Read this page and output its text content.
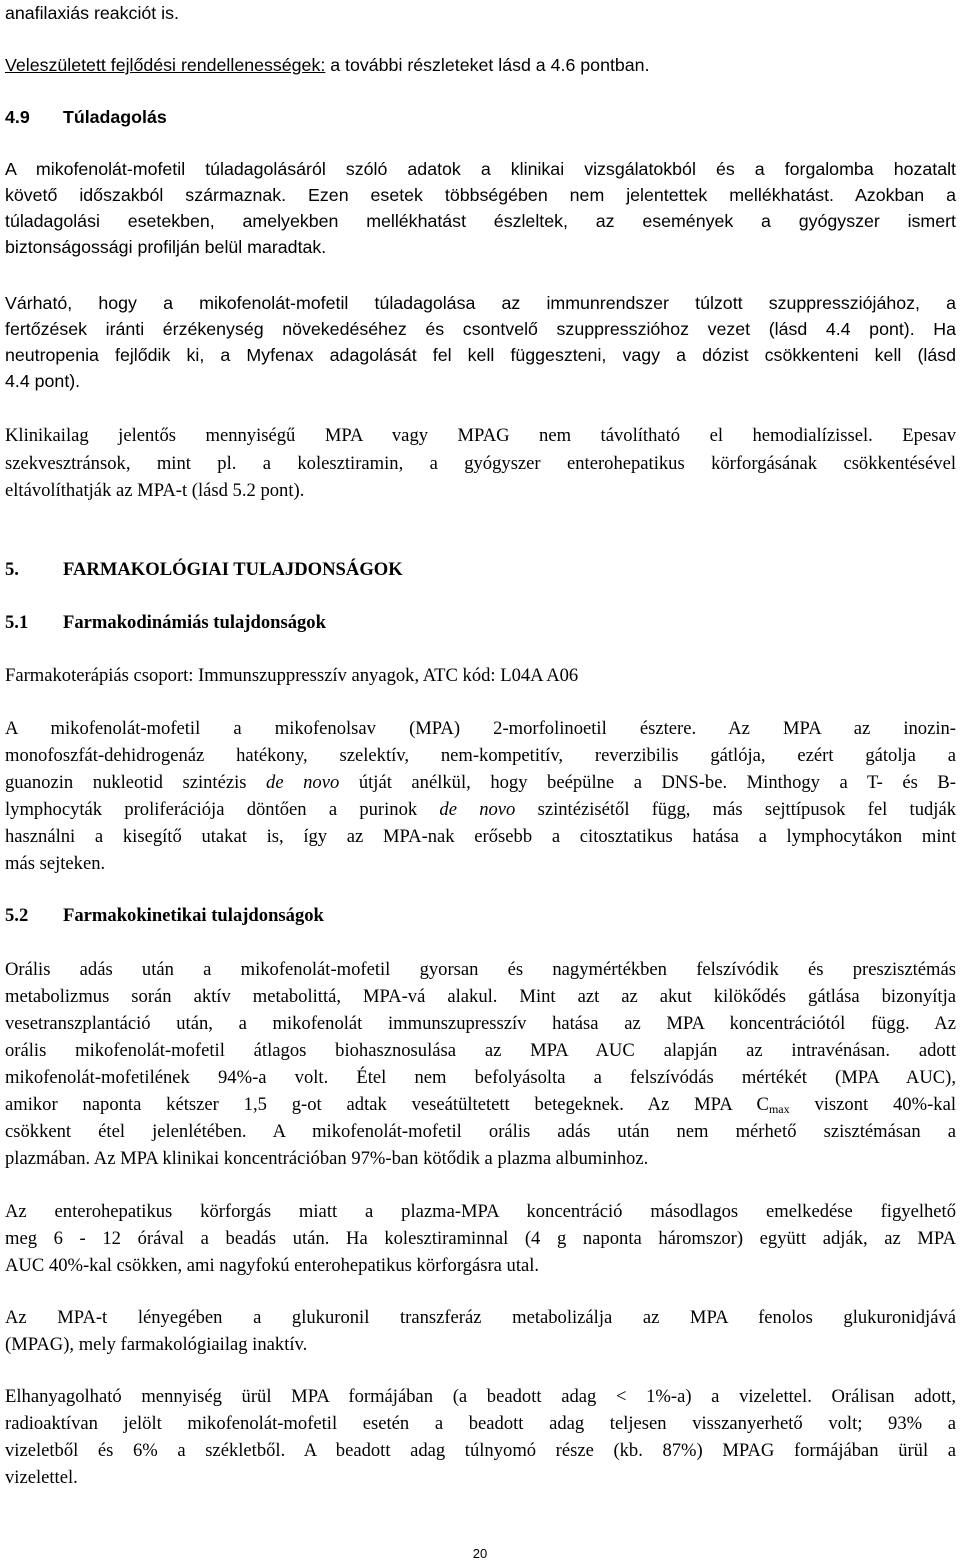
anafilaxiás reakciót is.
Veleszületett fejlődési rendellenességek: a további részleteket lásd a 4.6 pontban.
4.9 Túladagolás
A mikofenolát-mofetil túladagolásáról szóló adatok a klinikai vizsgálatokból és a forgalomba hozatalt
követő időszakból származnak. Ezen esetek többségében nem jelentettek mellékhatást. Azokban a
túladagolási esetekben, amelyekben mellékhatást észleltek, az események a gyógyszer ismert
biztonságossági profilján belül maradtak.
Várható, hogy a mikofenolát-mofetil túladagolása az immunrendszer túlzott szuppressziójához, a
fertőzések iránti érzékenység növekedéséhez és csontvelő szuppresszióhoz vezet (lásd 4.4 pont). Ha
neutropenia fejlődik ki, a Myfenax adagolását fel kell függeszteni, vagy a dózist csökkenteni kell (lásd
4.4 pont).
Klinikailag jelentős mennyiségű MPA vagy MPAG nem távolítható el hemodialízissel. Epesav
szekvesztránsok, mint pl. a kolesztiramin, a gyógyszer enterohepatikus körforgásának csökkentésével
eltávolíthatják az MPA-t (lásd 5.2 pont).
5. FARMAKOLÓGIAI TULAJDONSÁGOK
5.1 Farmakodinámiás tulajdonságok
Farmakoterápiás csoport: Immunszuppresszív anyagok, ATC kód: L04A A06
A mikofenolát-mofetil a mikofenolsav (MPA) 2-morfolinoetil észtere. Az MPA az inozin-
monofoszfát-dehidrogenáz hatékony, szelektív, nem-kompetitív, reverzibilis gátlója, ezért gátolja a
guanozin nukleotid szintézis de novo útját anélkül, hogy beépülne a DNS-be. Minthogy a T- és B-
lymphocyták proliferációja döntően a purinok de novo szintézisétől függ, más sejttípusok fel tudják
használni a kisegítő utakat is, így az MPA-nak erősebb a citosztatikus hatása a lymphocytákon mint
más sejteken.
5.2 Farmakokinetikai tulajdonságok
Orális adás után a mikofenolát-mofetil gyorsan és nagymértékben felszívódik és preszisztémás
metabolizmus során aktív metabolittá, MPA-vá alakul. Mint azt az akut kilökődés gátlása bizonyítja
vesetranszplantáció után, a mikofenolát immunszupresszív hatása az MPA koncentrációtól függ. Az
orális mikofenolát-mofetil átlagos biohasznosulása az MPA AUC alapján az intravénásan. adott
mikofenolát-mofetilének 94%-a volt. Étel nem befolyásolta a felszívódás mértékét (MPA AUC),
amikor naponta kétszer 1,5 g-ot adtak veseátültetett betegeknek. Az MPA $C_{max}$ viszont 40%-kal
csökkent étel jelenlétében. A mikofenolát-mofetil orális adás után nem mérhető szisztémásan a
plazmában. Az MPA klinikai koncentrációban 97%-ban kötődik a plazma albuminhoz.
Az enterohepatikus körforgás miatt a plazma-MPA koncentráció másodlagos emelkedése figyelhető
meg 6 - 12 órával a beadás után. Ha kolesztiraminnal (4 g naponta háromszor) együtt adják, az MPA
AUC 40%-kal csökken, ami nagyfokú enterohepatikus körforgásra utal.
Az MPA-t lényegében a glukuronil transzferáz metabolizálja az MPA fenolos glukuronidjává
(MPAG), mely farmakológiailag inaktív.
Elhanyagolható mennyiség ürül MPA formájában (a beadott adag < 1%-a) a vizelettel. Orálisan adott,
radioaktívan jelölt mikofenolát-mofetil esetén a beadott adag teljesen visszanyerhető volt; 93% a
vizeletből és 6% a székletből. A beadott adag túlnyomó része (kb. 87%) MPAG formájában ürül a
vizelettel.
20
